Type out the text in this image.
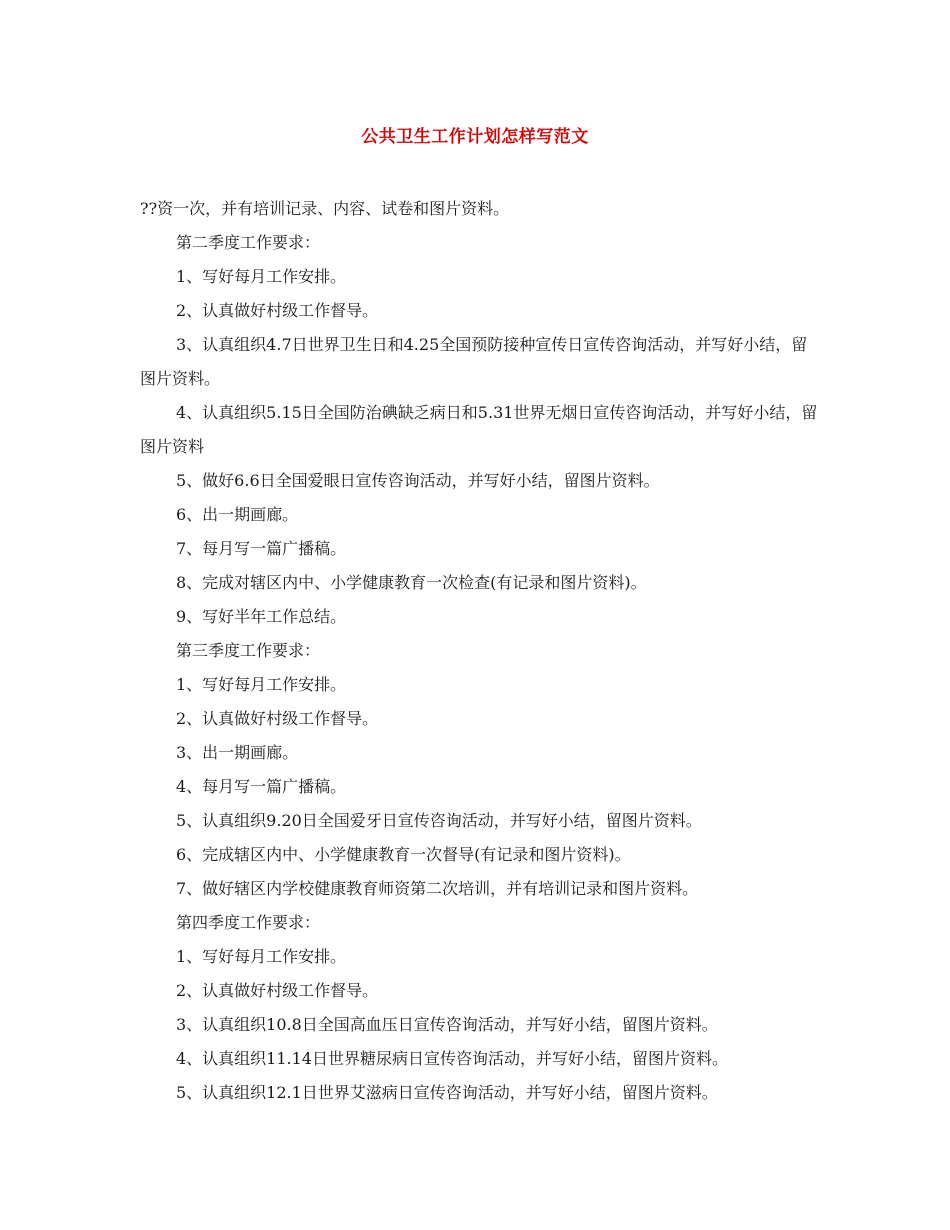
公共卫生工作计划怎样写范文

??资一次，并有培训记录、内容、试卷和图片资料。

第二季度工作要求：

1、写好每月工作安排。

2、认真做好村级工作督导。

3、认真组织4.7日世界卫生日和4.25全国预防接种宣传日宣传咨询活动，并写好小结，留图片资料。

4、认真组织5.15日全国防治碘缺乏病日和5.31世界无烟日宣传咨询活动，并写好小结，留图片资料

5、做好6.6日全国爱眼日宣传咨询活动，并写好小结，留图片资料。

6、出一期画廊。

7、每月写一篇广播稿。

8、完成对辖区内中、小学健康教育一次检查(有记录和图片资料)。

9、写好半年工作总结。

第三季度工作要求：

1、写好每月工作安排。

2、认真做好村级工作督导。

3、出一期画廊。

4、每月写一篇广播稿。

5、认真组织9.20日全国爱牙日宣传咨询活动，并写好小结，留图片资料。

6、完成辖区内中、小学健康教育一次督导(有记录和图片资料)。

7、做好辖区内学校健康教育师资第二次培训，并有培训记录和图片资料。

第四季度工作要求：

1、写好每月工作安排。

2、认真做好村级工作督导。

3、认真组织10.8日全国高血压日宣传咨询活动，并写好小结，留图片资料。

4、认真组织11.14日世界糖尿病日宣传咨询活动，并写好小结，留图片资料。

5、认真组织12.1日世界艾滋病日宣传咨询活动，并写好小结，留图片资料。
